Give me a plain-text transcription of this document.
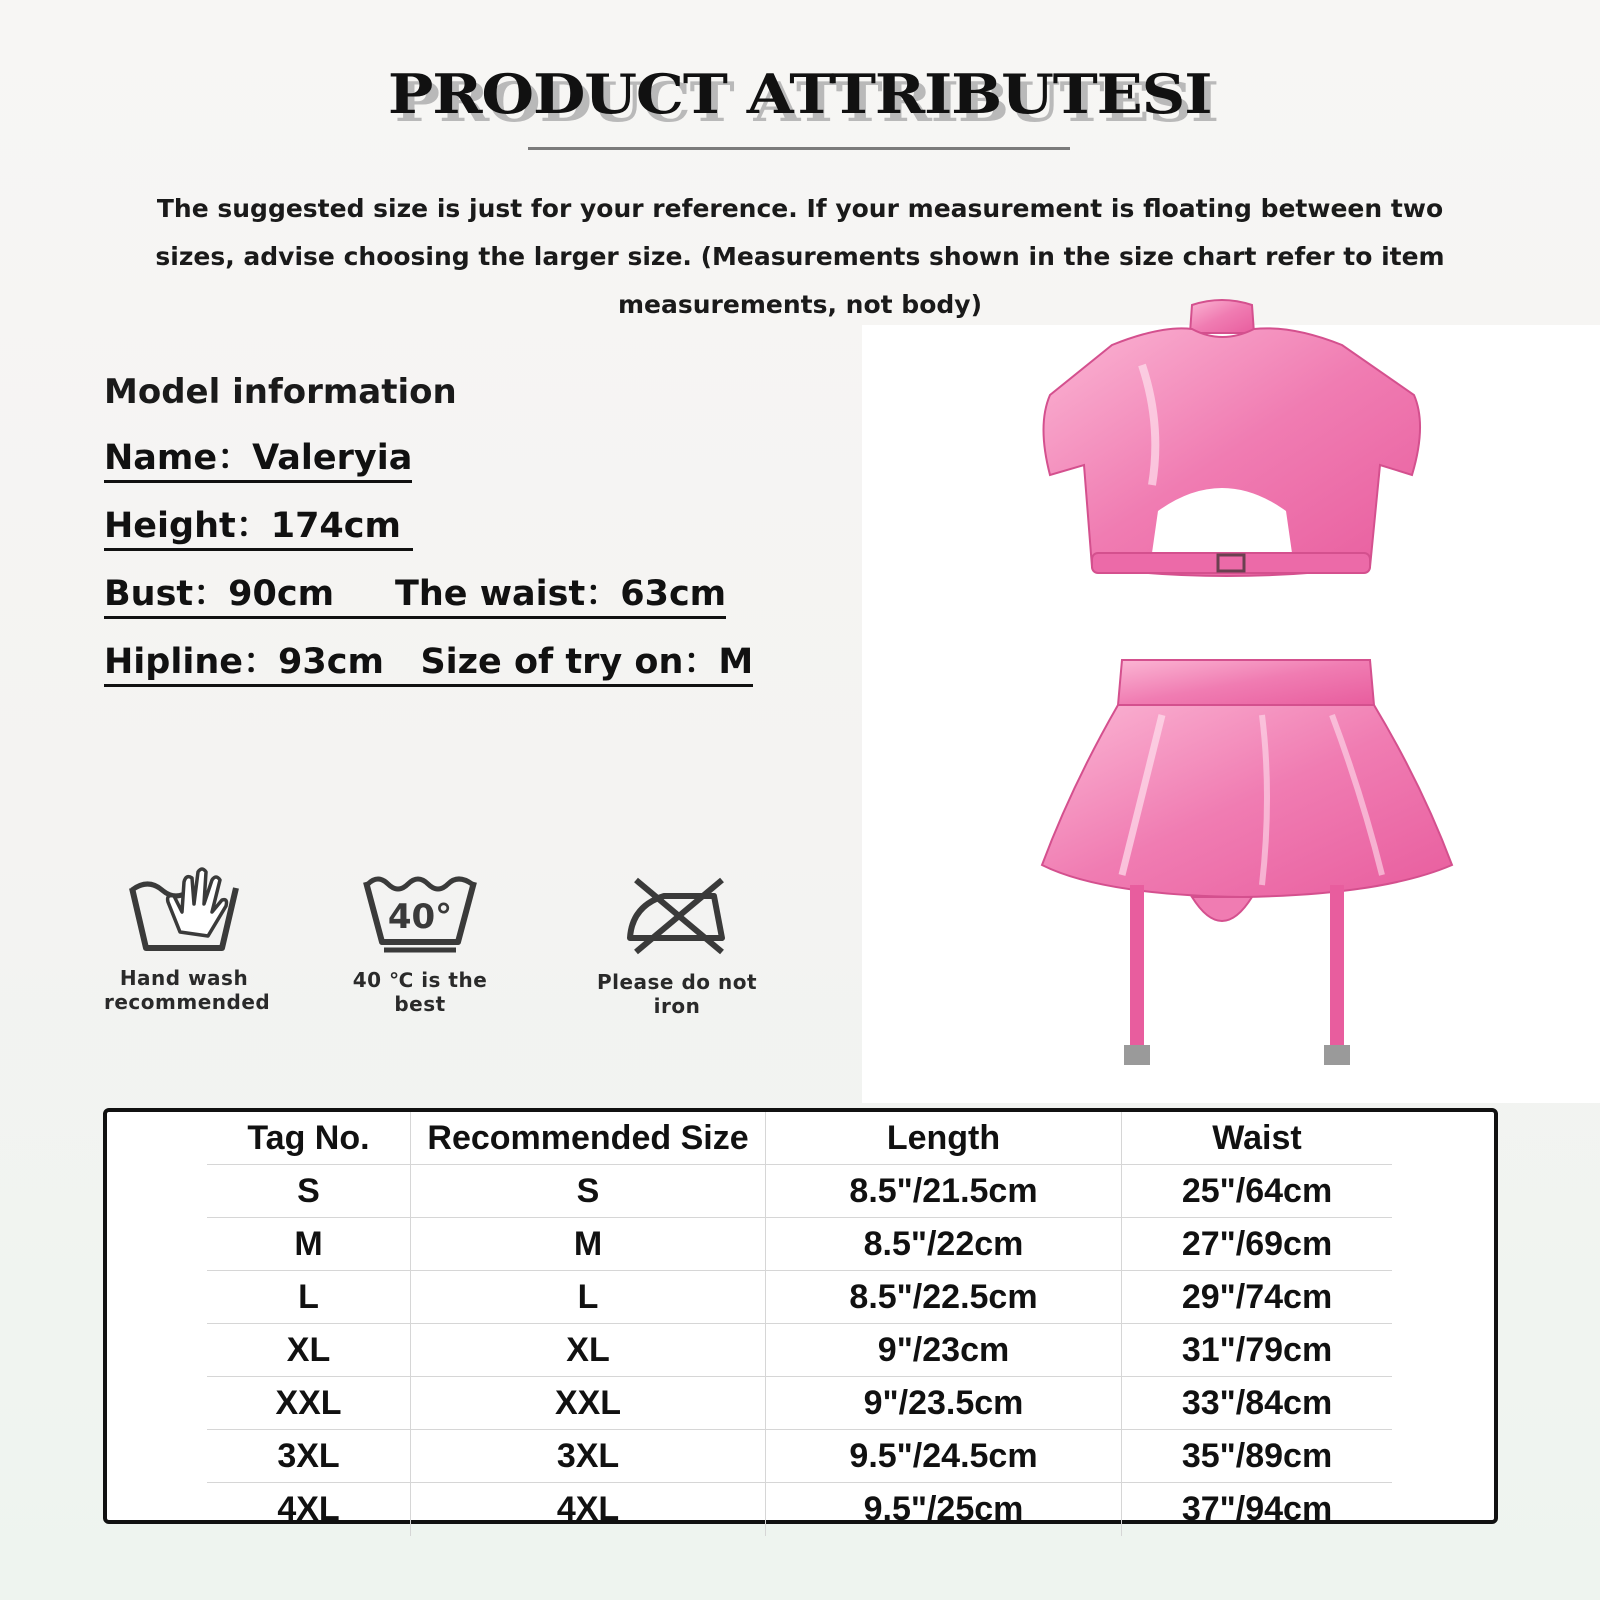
PRODUCT ATTRIBUTESI
The suggested size is just for your reference. If your measurement is floating between two sizes, advise choosing the larger size. (Measurements shown in the size chart refer to item measurements, not body)
Model information
Name：Valeryia
Height：174cm
Bust：90cm     The waist：63cm
Hipline：93cm   Size of try on：M
Hand wash
recommended
40°
40 ℃ is the best
Please do not iron
Tag No.	Recommended Size	Length	Waist
S	S	8.5"/21.5cm	25"/64cm
M	M	8.5"/22cm	27"/69cm
L	L	8.5"/22.5cm	29"/74cm
XL	XL	9"/23cm	31"/79cm
XXL	XXL	9"/23.5cm	33"/84cm
3XL	3XL	9.5"/24.5cm	35"/89cm
4XL	4XL	9.5"/25cm	37"/94cm
